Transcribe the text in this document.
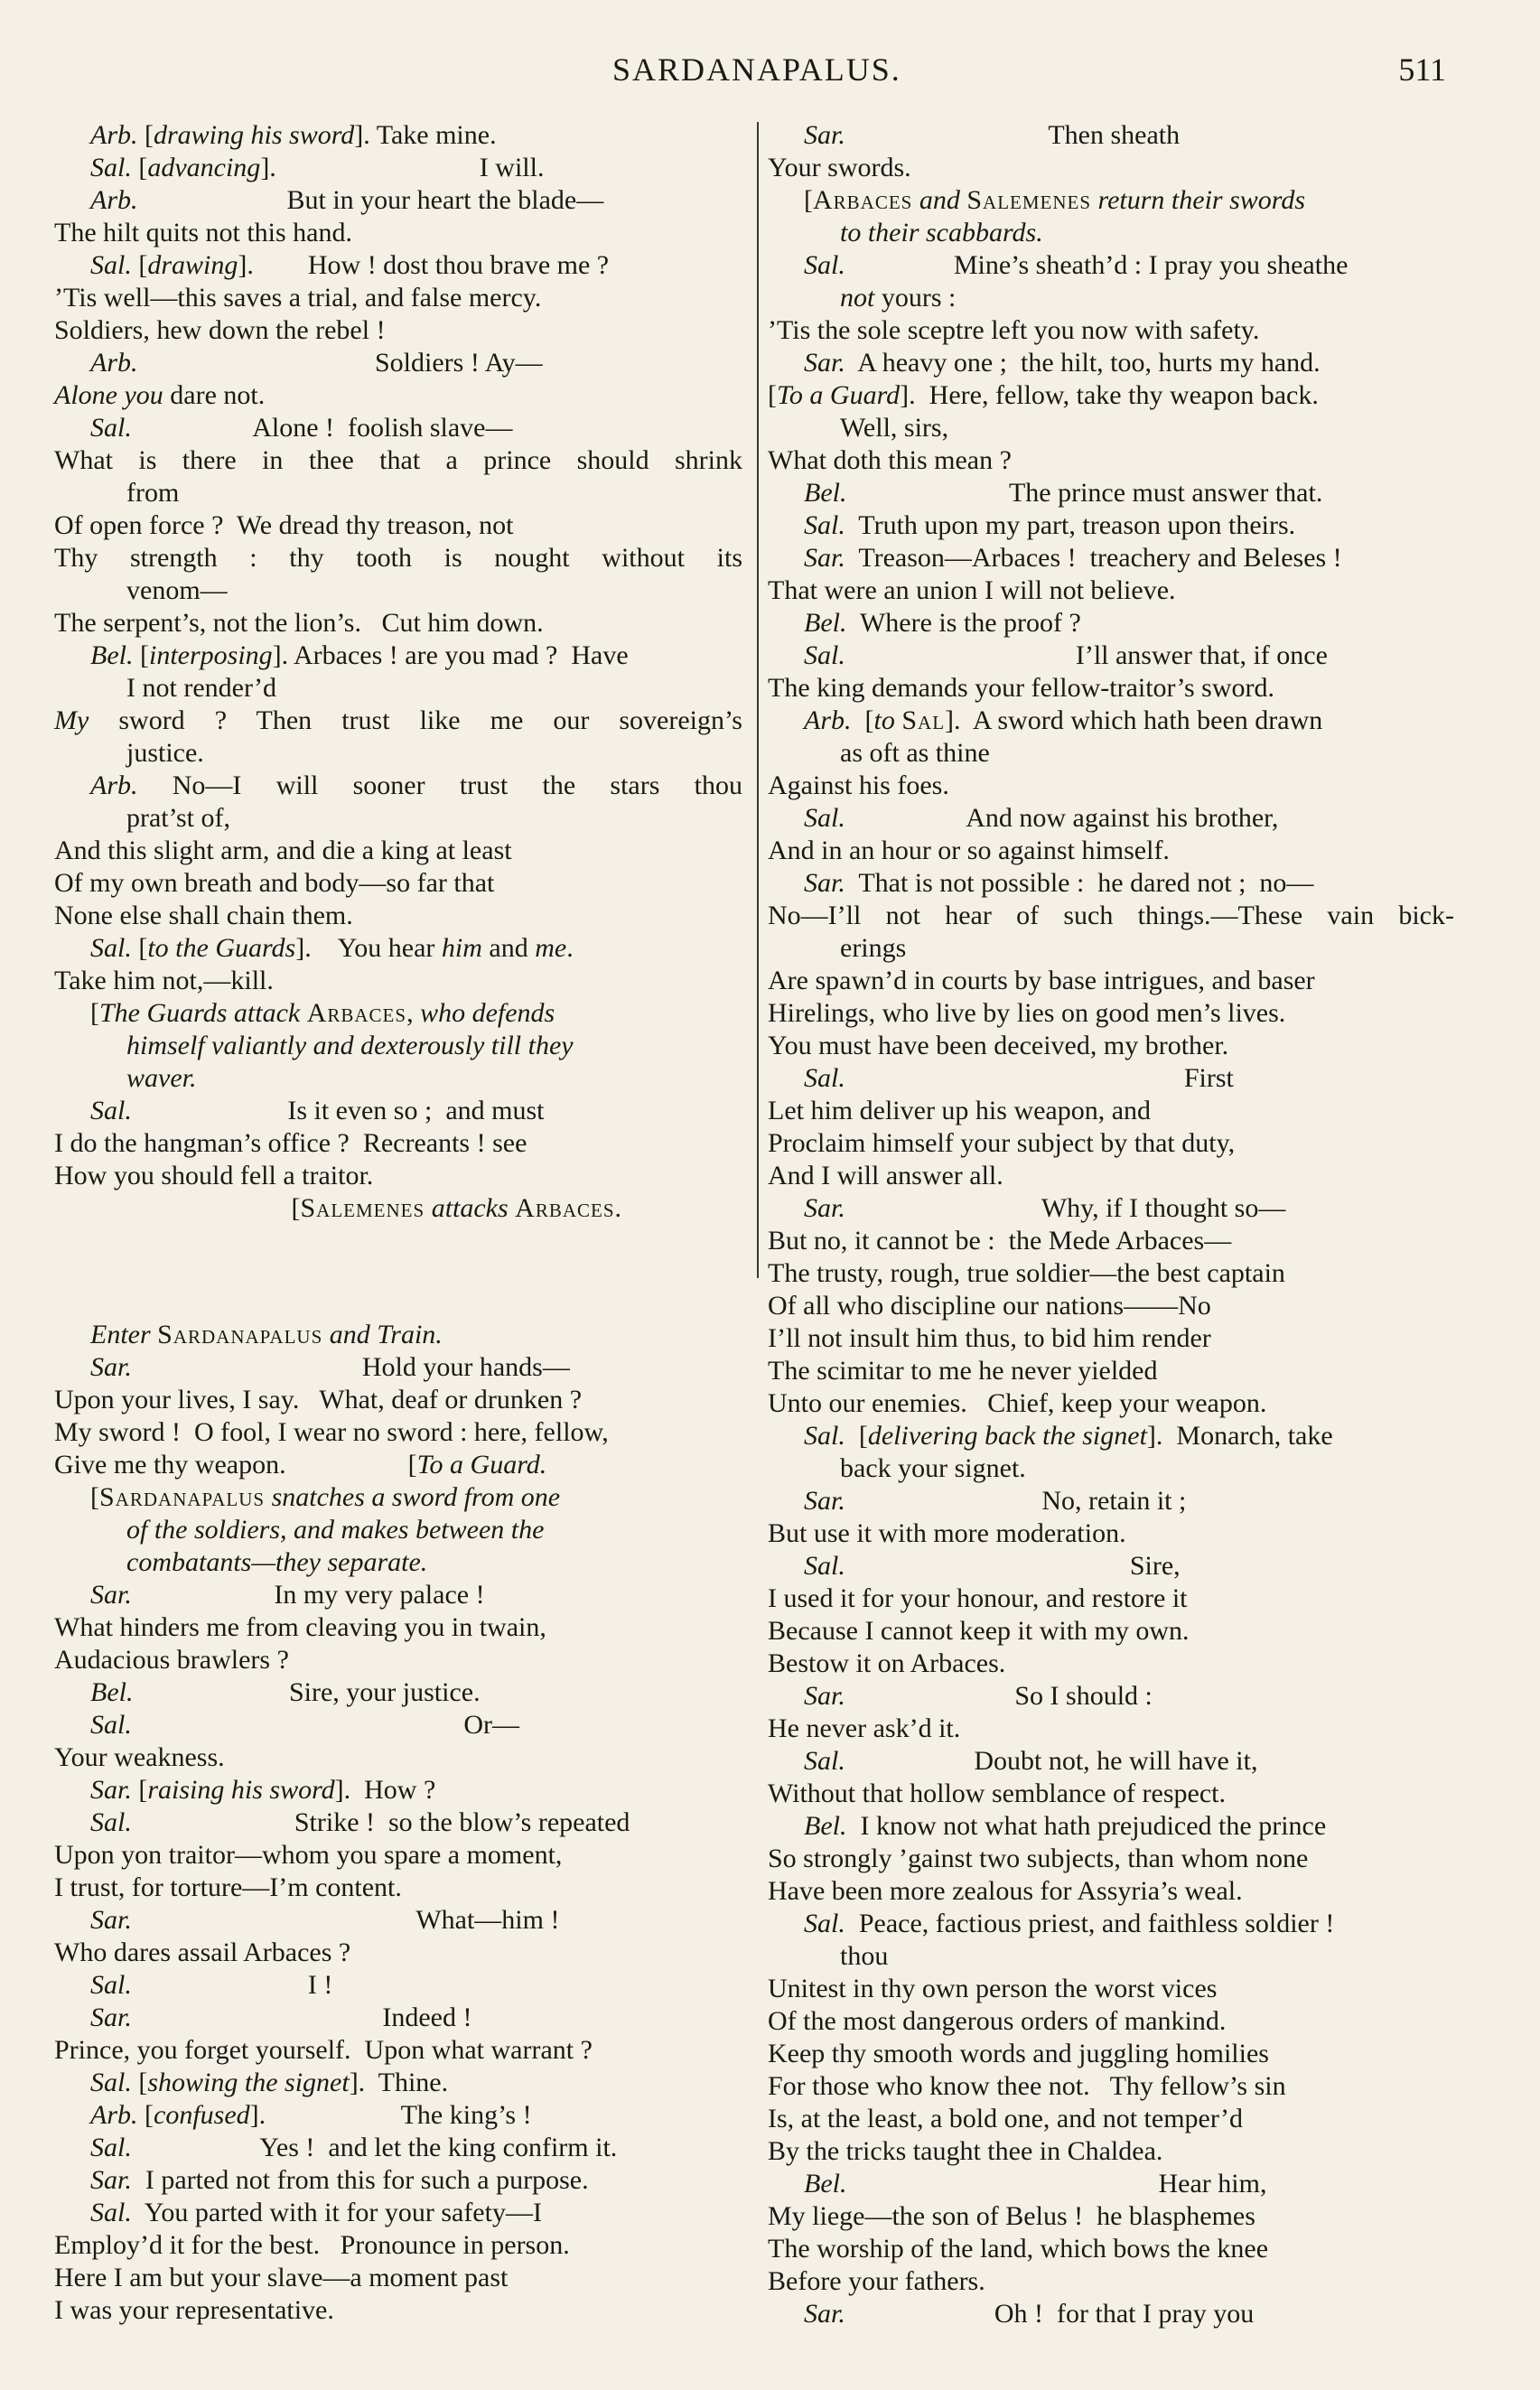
SARDANAPALUS.	511
Arb. [drawing his sword]. Take mine.
Sal. [advancing].                              I will.
Arb.                      But in your heart the blade—
The hilt quits not this hand.
Sal. [drawing].        How ! dost thou brave me ?
’Tis well—this saves a trial, and false mercy.
Soldiers, hew down the rebel !
Arb.                                   Soldiers ! Ay—
Alone you dare not.
Sal.                  Alone !  foolish slave—
What is there in thee that a prince should shrink
from
Of open force ?  We dread thy treason, not
Thy strength : thy tooth is nought without its
venom—
The serpent’s, not the lion’s.   Cut him down.
Bel. [interposing]. Arbaces ! are you mad ?  Have
I not render’d
My sword ? Then trust like me our sovereign’s
justice.
Arb. No—I will sooner trust the stars thou
prat’st of,
And this slight arm, and die a king at least
Of my own breath and body—so far that
None else shall chain them.
Sal. [to the Guards].    You hear him and me.
Take him not,—kill.
[The Guards attack Arbaces, who defends
himself valiantly and dexterously till they
waver.
Sal.                       Is it even so ;  and must
I do the hangman’s office ?  Recreants ! see
How you should fell a traitor.
[Salemenes attacks Arbaces.
Enter Sardanapalus and Train.
Sar.                                  Hold your hands—
Upon your lives, I say.   What, deaf or drunken ?
My sword !  O fool, I wear no sword : here, fellow,
Give me thy weapon.                  [To a Guard.
[Sardanapalus snatches a sword from one
of the soldiers, and makes between the
combatants—they separate.
Sar.                     In my very palace !
What hinders me from cleaving you in twain,
Audacious brawlers ?
Bel.                       Sire, your justice.
Sal.                                                 Or—
Your weakness.
Sar. [raising his sword].  How ?
Sal.                        Strike !  so the blow’s repeated
Upon yon traitor—whom you spare a moment,
I trust, for torture—I’m content.
Sar.                                          What—him !
Who dares assail Arbaces ?
Sal.                          I !
Sar.                                     Indeed !
Prince, you forget yourself.  Upon what warrant ?
Sal. [showing the signet].  Thine.
Arb. [confused].                    The king’s !
Sal.                   Yes !  and let the king confirm it.
Sar.  I parted not from this for such a purpose.
Sal.  You parted with it for your safety—I
Employ’d it for the best.   Pronounce in person.
Here I am but your slave—a moment past
I was your representative.
Sar.                              Then sheath
Your swords.
[Arbaces and Salemenes return their swords
to their scabbards.
Sal.                Mine’s sheath’d : I pray you sheathe
not yours :
’Tis the sole sceptre left you now with safety.
Sar.  A heavy one ;  the hilt, too, hurts my hand.
[To a Guard].  Here, fellow, take thy weapon back.
Well, sirs,
What doth this mean ?
Bel.                        The prince must answer that.
Sal.  Truth upon my part, treason upon theirs.
Sar.  Treason—Arbaces !  treachery and Beleses !
That were an union I will not believe.
Bel.  Where is the proof ?
Sal.                                  I’ll answer that, if once
The king demands your fellow-traitor’s sword.
Arb.  [to Sal].  A sword which hath been drawn
as oft as thine
Against his foes.
Sal.                  And now against his brother,
And in an hour or so against himself.
Sar.  That is not possible :  he dared not ;  no—
No—I’ll not hear of such things.—These vain bick-
erings
Are spawn’d in courts by base intrigues, and baser
Hirelings, who live by lies on good men’s lives.
You must have been deceived, my brother.
Sal.                                                  First
Let him deliver up his weapon, and
Proclaim himself your subject by that duty,
And I will answer all.
Sar.                             Why, if I thought so—
But no, it cannot be :  the Mede Arbaces—
The trusty, rough, true soldier—the best captain
Of all who discipline our nations——No
I’ll not insult him thus, to bid him render
The scimitar to me he never yielded
Unto our enemies.   Chief, keep your weapon.
Sal.  [delivering back the signet].  Monarch, take
back your signet.
Sar.                             No, retain it ;
But use it with more moderation.
Sal.                                          Sire,
I used it for your honour, and restore it
Because I cannot keep it with my own.
Bestow it on Arbaces.
Sar.                         So I should :
He never ask’d it.
Sal.                   Doubt not, he will have it,
Without that hollow semblance of respect.
Bel.  I know not what hath prejudiced the prince
So strongly ’gainst two subjects, than whom none
Have been more zealous for Assyria’s weal.
Sal.  Peace, factious priest, and faithless soldier !
thou
Unitest in thy own person the worst vices
Of the most dangerous orders of mankind.
Keep thy smooth words and juggling homilies
For those who know thee not.   Thy fellow’s sin
Is, at the least, a bold one, and not temper’d
By the tricks taught thee in Chaldea.
Bel.                                              Hear him,
My liege—the son of Belus !  he blasphemes
The worship of the land, which bows the knee
Before your fathers.
Sar.                      Oh !  for that I pray you
